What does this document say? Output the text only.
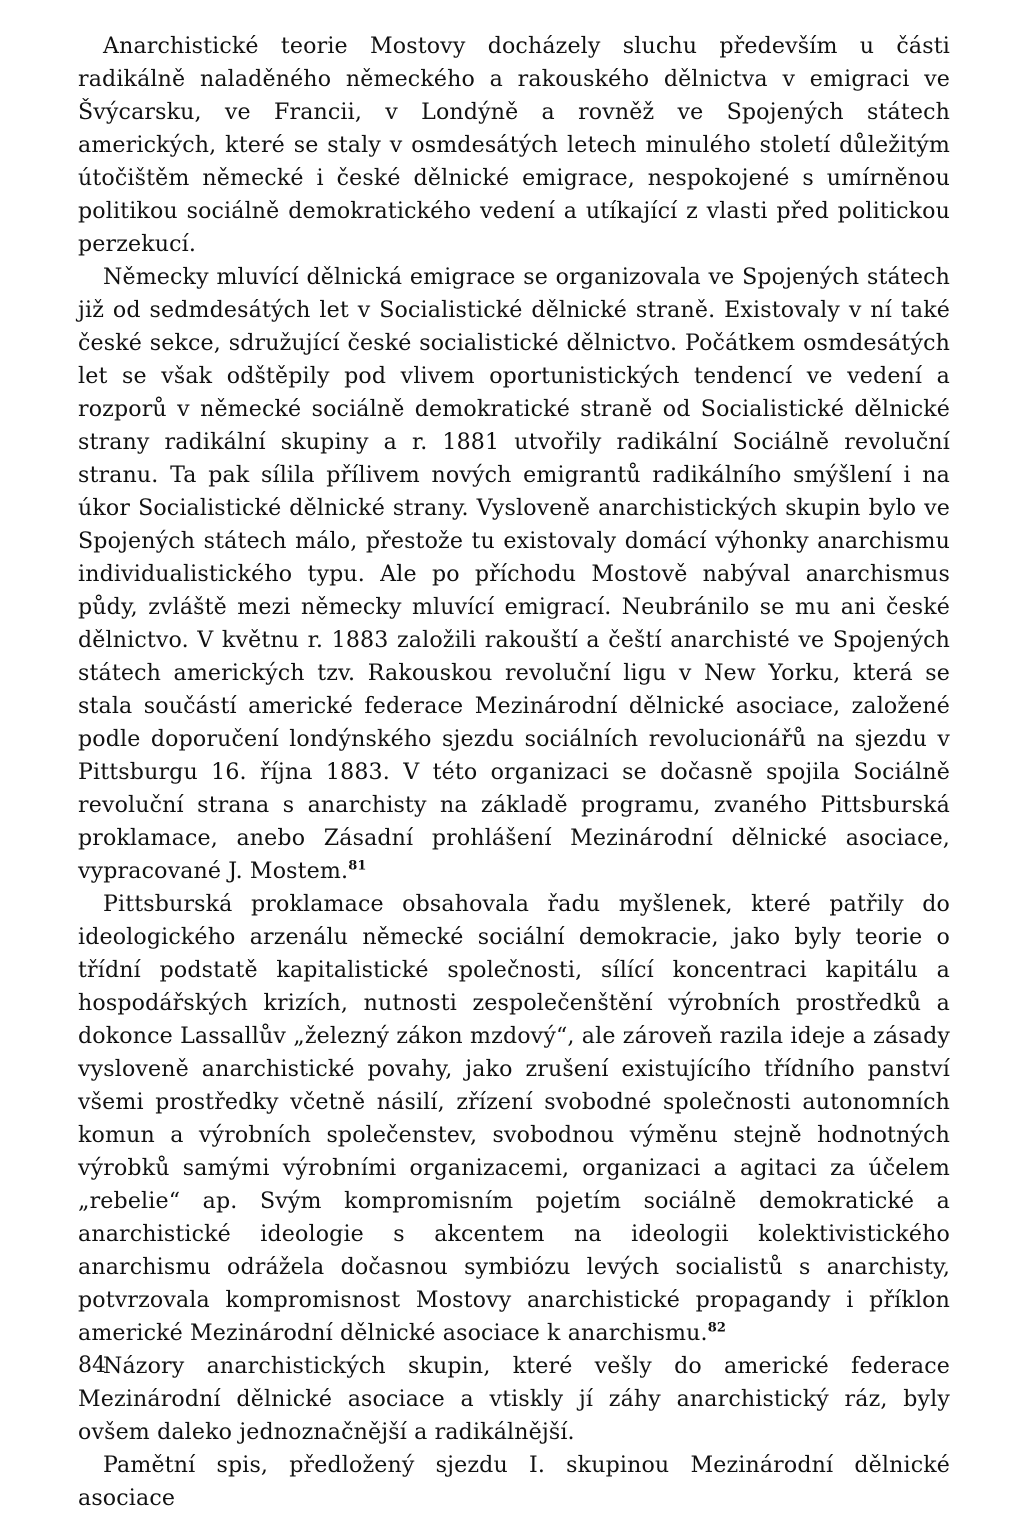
Anarchistické teorie Mostovy docházely sluchu především u části radikálně naladěného německého a rakouského dělnictva v emigraci ve Švýcarsku, ve Francii, v Londýně a rovněž ve Spojených státech amerických, které se staly v osmdesátých letech minulého století důležitým útočištěm německé i české dělnické emigrace, nespokojené s umírněnou politikou sociálně demokratického vedení a utíkající z vlasti před politickou perzekucí.

Německy mluvící dělnická emigrace se organizovala ve Spojených státech již od sedmdesátých let v Socialistické dělnické straně. Existovaly v ní také české sekce, sdružující české socialistické dělnictvo. Počátkem osmdesátých let se však odštěpily pod vlivem oportunistických tendencí ve vedení a rozporů v německé sociálně demokratické straně od Socialistické dělnické strany radikální skupiny a r. 1881 utvořily radikální Sociálně revoluční stranu. Ta pak sílila přílivem nových emigrantů radikálního smýšlení i na úkor Socialistické dělnické strany. Vysloveně anarchistických skupin bylo ve Spojených státech málo, přestože tu existovaly domácí výhonky anarchismu individualistického typu. Ale po příchodu Mostově nabýval anarchismus půdy, zvláště mezi německy mluvící emigrací. Neubránilo se mu ani české dělnictvo. V květnu r. 1883 založili rakouští a čeští anarchisté ve Spojených státech amerických tzv. Rakouskou revoluční ligu v New Yorku, která se stala součástí americké federace Mezinárodní dělnické asociace, založené podle doporučení londýnského sjezdu sociálních revolucionářů na sjezdu v Pittsburgu 16. října 1883. V této organizaci se dočasně spojila Sociálně revoluční strana s anarchisty na základě programu, zvaného Pittsburská proklamace, anebo Zásadní prohlášení Mezinárodní dělnické asociace, vypracované J. Mostem.$^{81}$

Pittsburská proklamace obsahovala řadu myšlenek, které patřily do ideologického arzenálu německé sociální demokracie, jako byly teorie o třídní podstatě kapitalistické společnosti, sílící koncentraci kapitálu a hospodářských krizích, nutnosti zespolečenštění výrobních prostředků a dokonce Lassallův „železný zákon mzdový“, ale zároveň razila ideje a zásady vysloveně anarchistické povahy, jako zrušení existujícího třídního panství všemi prostředky včetně násilí, zřízení svobodné společnosti autonomních komun a výrobních společenstev, svobodnou výměnu stejně hodnotných výrobků samými výrobními organizacemi, organizaci a agitaci za účelem „rebelie“ ap. Svým kompromisním pojetím sociálně demokratické a anarchistické ideologie s akcentem na ideologii kolektivistického anarchismu odrážela dočasnou symbiózu levých socialistů s anarchisty, potvrzovala kompromisnost Mostovy anarchistické propagandy i příklon americké Mezinárodní dělnické asociace k anarchismu.$^{82}$

Názory anarchistických skupin, které vešly do americké federace Mezinárodní dělnické asociace a vtiskly jí záhy anarchistický ráz, byly ovšem daleko jednoznačnější a radikálnější.

Pamětní spis, předložený sjezdu I. skupinou Mezinárodní dělnické asociace

84
